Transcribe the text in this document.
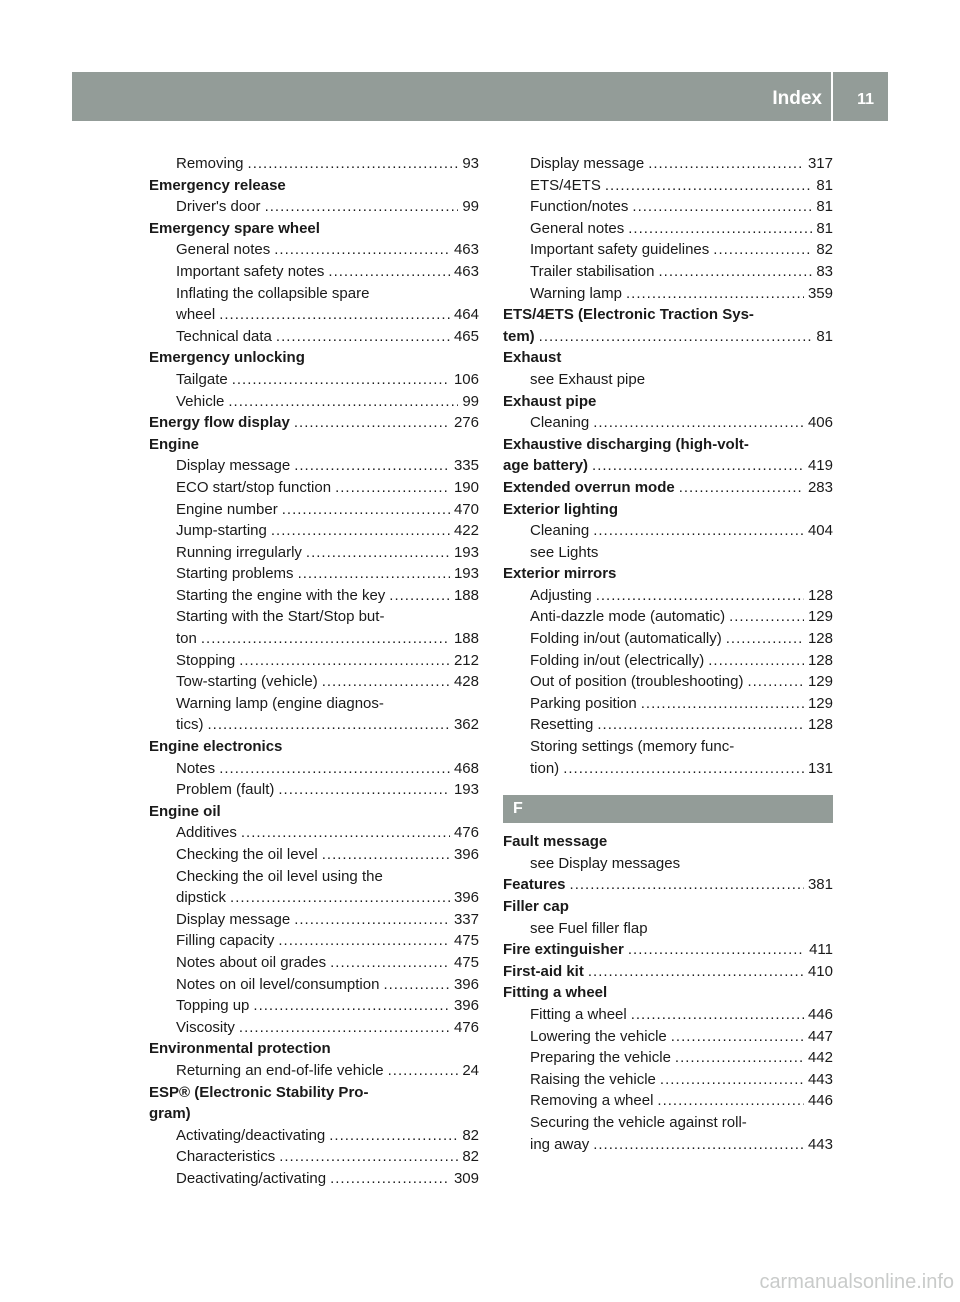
Index 11
Removing .....	93
Emergency release
Driver's door .....	99
Emergency spare wheel
General notes .....	463
Important safety notes .....	463
Inflating the collapsible spare
wheel .....	464
Technical data .....	465
Emergency unlocking
Tailgate .....	106
Vehicle .....	99
Energy flow display .....	276
Engine
Display message .....	335
ECO start/stop function .....	190
Engine number .....	470
Jump-starting .....	422
Running irregularly .....	193
Starting problems .....	193
Starting the engine with the key .....	188
Starting with the Start/Stop but-
ton .....	188
Stopping .....	212
Tow-starting (vehicle) .....	428
Warning lamp (engine diagnos-
tics) .....	362
Engine electronics
Notes .....	468
Problem (fault) .....	193
Engine oil
Additives .....	476
Checking the oil level .....	396
Checking the oil level using the
dipstick .....	396
Display message .....	337
Filling capacity .....	475
Notes about oil grades .....	475
Notes on oil level/consumption .....	396
Topping up .....	396
Viscosity .....	476
Environmental protection
Returning an end-of-life vehicle .....	24
ESP® (Electronic Stability Pro-
gram)
Activating/deactivating .....	82
Characteristics .....	82
Deactivating/activating .....	309
Display message .....	317
ETS/4ETS .....	81
Function/notes .....	81
General notes .....	81
Important safety guidelines .....	82
Trailer stabilisation .....	83
Warning lamp .....	359
ETS/4ETS (Electronic Traction Sys-
tem) .....	81
Exhaust
see Exhaust pipe
Exhaust pipe
Cleaning .....	406
Exhaustive discharging (high-volt-
age battery) .....	419
Extended overrun mode .....	283
Exterior lighting
Cleaning .....	404
see Lights
Exterior mirrors
Adjusting .....	128
Anti-dazzle mode (automatic) .....	129
Folding in/out (automatically) .....	128
Folding in/out (electrically) .....	128
Out of position (troubleshooting) .....	129
Parking position .....	129
Resetting .....	128
Storing settings (memory func-
tion) .....	131
F
Fault message
see Display messages
Features .....	381
Filler cap
see Fuel filler flap
Fire extinguisher .....	411
First-aid kit .....	410
Fitting a wheel
Fitting a wheel .....	446
Lowering the vehicle .....	447
Preparing the vehicle .....	442
Raising the vehicle .....	443
Removing a wheel .....	446
Securing the vehicle against roll-
ing away .....	443
carmanualsonline.info
